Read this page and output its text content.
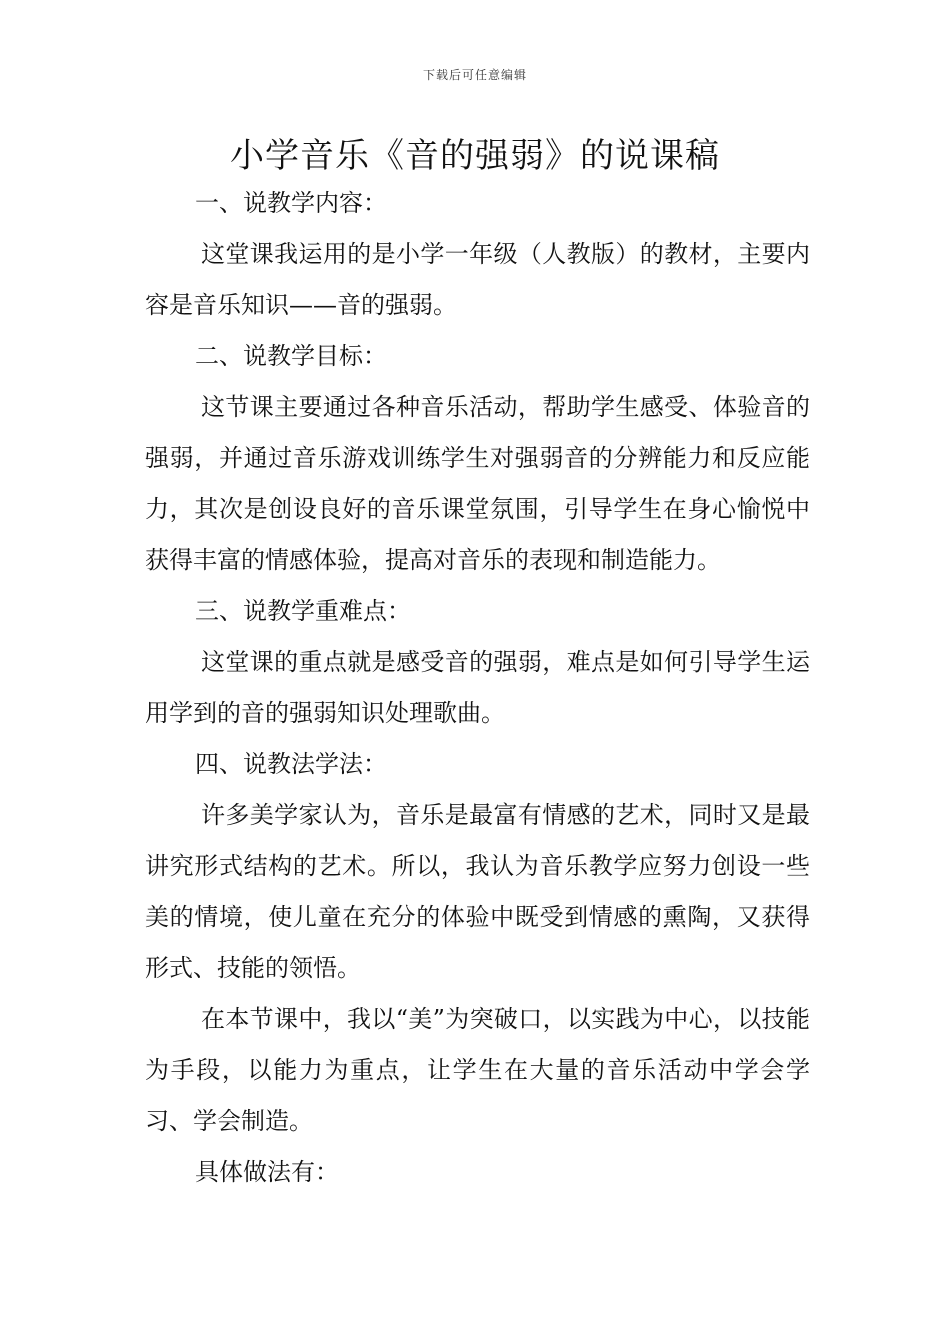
下载后可任意编辑
小学音乐《音的强弱》的说课稿

一、说教学内容：

这堂课我运用的是小学一年级（人教版）的教材，主要内容是音乐知识——音的强弱。

二、说教学目标：

这节课主要通过各种音乐活动，帮助学生感受、体验音的强弱，并通过音乐游戏训练学生对强弱音的分辨能力和反应能力，其次是创设良好的音乐课堂氛围，引导学生在身心愉悦中获得丰富的情感体验，提高对音乐的表现和制造能力。

三、说教学重难点：

这堂课的重点就是感受音的强弱，难点是如何引导学生运用学到的音的强弱知识处理歌曲。

四、说教法学法：

许多美学家认为，音乐是最富有情感的艺术，同时又是最讲究形式结构的艺术。所以，我认为音乐教学应努力创设一些美的情境，使儿童在充分的体验中既受到情感的熏陶，又获得形式、技能的领悟。

在本节课中，我以“美”为突破口，以实践为中心，以技能为手段，以能力为重点，让学生在大量的音乐活动中学会学习、学会制造。

具体做法有：
